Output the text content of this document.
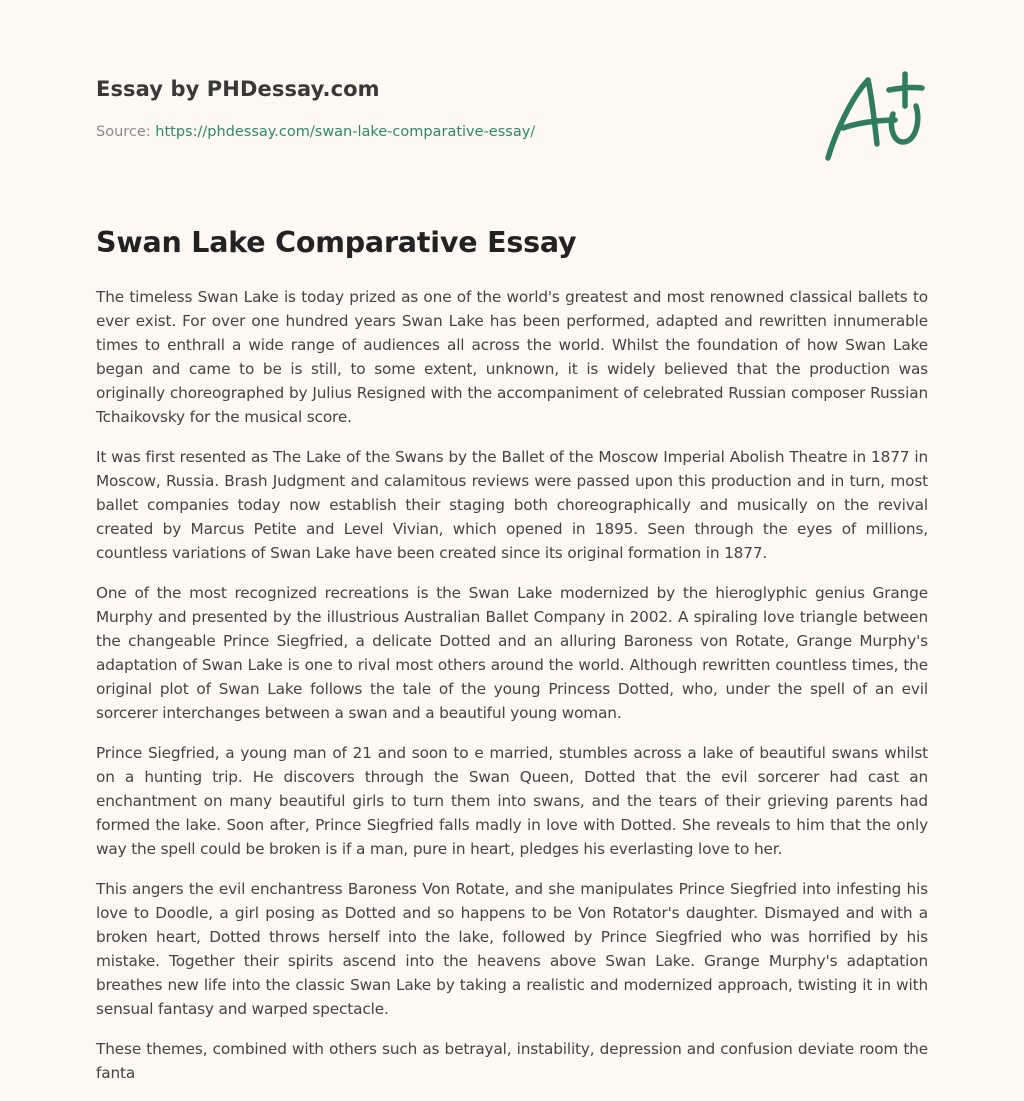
Essay by PHDessay.com
Source: https://phdessay.com/swan-lake-comparative-essay/
Swan Lake Comparative Essay

The timeless Swan Lake is today prized as one of the world's greatest and most renowned classical ballets to ever exist. For over one hundred years Swan Lake has been performed, adapted and rewritten innumerable times to enthrall a wide range of audiences all across the world. Whilst the foundation of how Swan Lake began and came to be is still, to some extent, unknown, it is widely believed that the production was originally choreographed by Julius Resigned with the accompaniment of celebrated Russian composer Russian Tchaikovsky for the musical score.

It was first resented as The Lake of the Swans by the Ballet of the Moscow Imperial Abolish Theatre in 1877 in Moscow, Russia. Brash Judgment and calamitous reviews were passed upon this production and in turn, most ballet companies today now establish their staging both choreographically and musically on the revival created by Marcus Petite and Level Vivian, which opened in 1895. Seen through the eyes of millions, countless variations of Swan Lake have been created since its original formation in 1877.

One of the most recognized recreations is the Swan Lake modernized by the hieroglyphic genius Grange Murphy and presented by the illustrious Australian Ballet Company in 2002. A spiraling love triangle between the changeable Prince Siegfried, a delicate Dotted and an alluring Baroness von Rotate, Grange Murphy's adaptation of Swan Lake is one to rival most others around the world. Although rewritten countless times, the original plot of Swan Lake follows the tale of the young Princess Dotted, who, under the spell of an evil sorcerer interchanges between a swan and a beautiful young woman.

Prince Siegfried, a young man of 21 and soon to e married, stumbles across a lake of beautiful swans whilst on a hunting trip. He discovers through the Swan Queen, Dotted that the evil sorcerer had cast an enchantment on many beautiful girls to turn them into swans, and the tears of their grieving parents had formed the lake. Soon after, Prince Siegfried falls madly in love with Dotted. She reveals to him that the only way the spell could be broken is if a man, pure in heart, pledges his everlasting love to her.

This angers the evil enchantress Baroness Von Rotate, and she manipulates Prince Siegfried into infesting his love to Doodle, a girl posing as Dotted and so happens to be Von Rotator's daughter. Dismayed and with a broken heart, Dotted throws herself into the lake, followed by Prince Siegfried who was horrified by his mistake. Together their spirits ascend into the heavens above Swan Lake. Grange Murphy's adaptation breathes new life into the classic Swan Lake by taking a realistic and modernized approach, twisting it in with sensual fantasy and warped spectacle.

These themes, combined with others such as betrayal, instability, depression and confusion deviate room the fanta
